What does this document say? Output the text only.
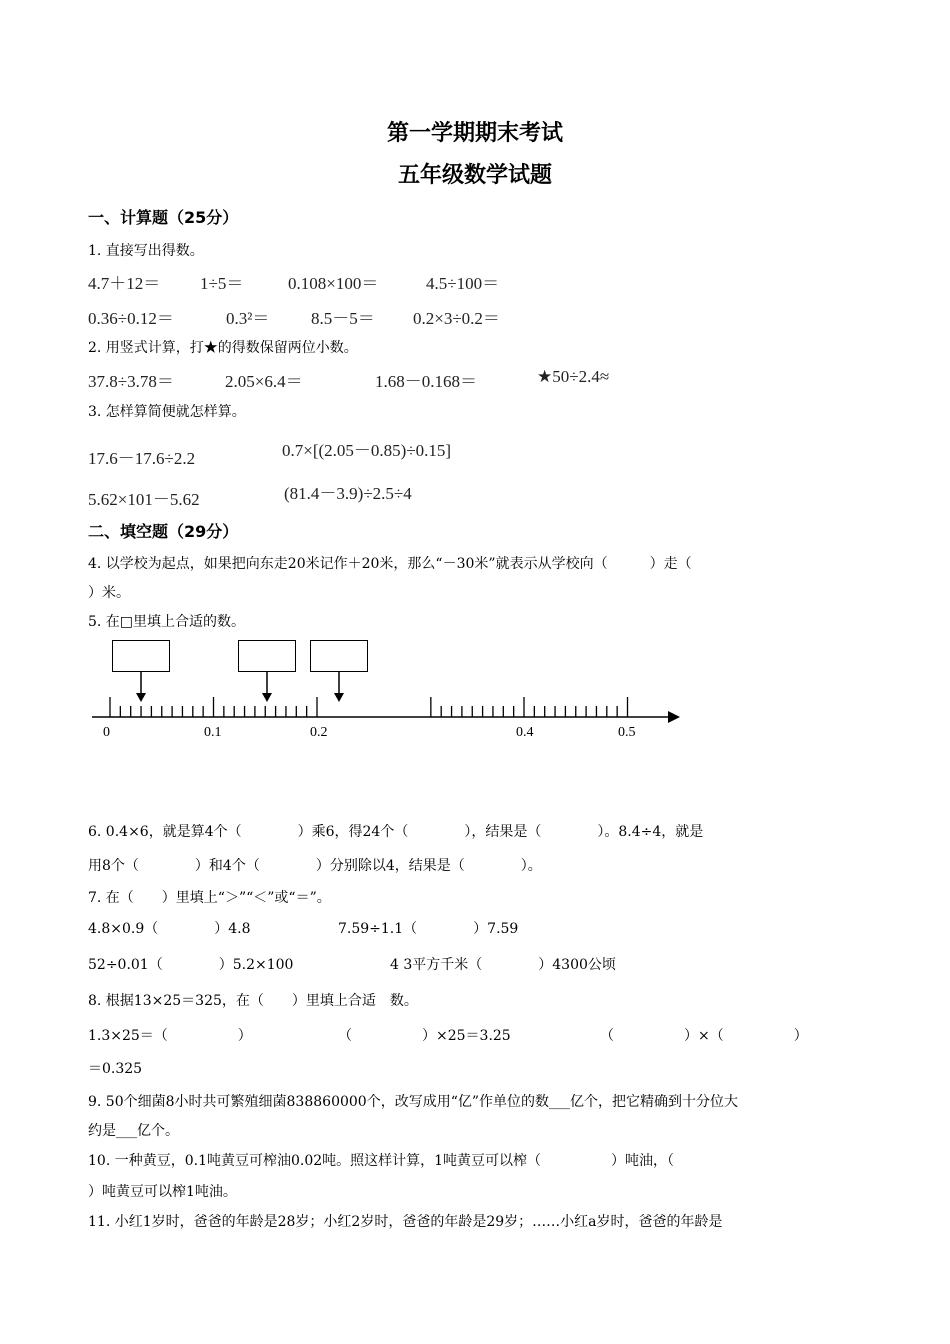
第一学期期末考试
五年级数学试题
一、计算题（25分）
1. 直接写出得数。
4.7＋12＝ 1÷5＝	0.108×100＝	4.5÷100＝
0.36÷0.12＝	0.3²＝ 8.5－5＝ 0.2×3÷0.2＝
2. 用竖式计算，打★的得数保留两位小数。
37.8÷3.78＝	2.05×6.4＝	1.68－0.168＝	★50÷2.4≈
3. 怎样算简便就怎样算。
17.6－17.6÷2.2	0.7×[(2.05－0.85)÷0.15]
5.62×101－5.62	(81.4－3.9)÷2.5÷4
二、填空题（29分）
4. 以学校为起点，如果把向东走20米记作＋20米，那么“－30米”就表示从学校向（　　　）走（
）米。
5. 在□里填上合适的数。
0	0.1	0.2	0.4	0.5
6. 0.4×6，就是算4个（　　　　）乘6，得24个（　　　　），结果是（　　　　）。8.4÷4，就是
用8个（　　　　）和4个（　　　　）分别除以4，结果是（　　　　）。
7. 在（　　）里填上“＞”“＜”或“＝”。
4.8×0.9（　　　　）4.8	7.59÷1.1（　　　　）7.59
52÷0.01（　　　　）5.2×100	4 3平方千米（　　　　）4300公顷
8. 根据13×25＝325，在（　　）里填上合适　数。
1.3×25＝（　　　　　）	（　　　　　）×25＝3.25	（　　　　　）×（　　　　　）
＝0.325
9. 50个细菌8小时共可繁殖细菌838860000个，改写成用“亿”作单位的数___亿个，把它精确到十分位大
约是___亿个。
10. 一种黄豆，0.1吨黄豆可榨油0.02吨。照这样计算，1吨黄豆可以榨（　　　　　）吨油，（
）吨黄豆可以榨1吨油。
11. 小红1岁时，爸爸的年龄是28岁；小红2岁时，爸爸的年龄是29岁；……小红a岁时，爸爸的年龄是
